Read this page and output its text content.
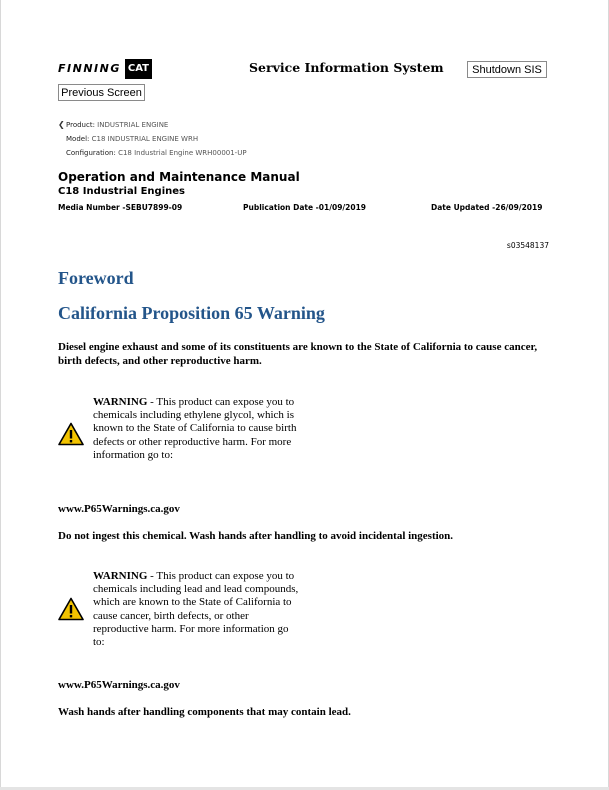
FINNING CAT	Service Information System	Shutdown SIS
Previous Screen
❮Product: INDUSTRIAL ENGINE
Model: C18 INDUSTRIAL ENGINE WRH
Configuration: C18 Industrial Engine WRH00001-UP
Operation and Maintenance Manual
C18 Industrial Engines
Media Number -SEBU7899-09	Publication Date -01/09/2019	Date Updated -26/09/2019
s03548137
Foreword
California Proposition 65 Warning

Diesel engine exhaust and some of its constituents are known to the State of California to cause cancer, birth defects, and other reproductive harm.

WARNING - This product can expose you to chemicals including ethylene glycol, which is known to the State of California to cause birth defects or other reproductive harm. For more information go to:

www.P65Warnings.ca.gov

Do not ingest this chemical. Wash hands after handling to avoid incidental ingestion.

WARNING - This product can expose you to chemicals including lead and lead compounds, which are known to the State of California to cause cancer, birth defects, or other reproductive harm. For more information go to:

www.P65Warnings.ca.gov

Wash hands after handling components that may contain lead.
